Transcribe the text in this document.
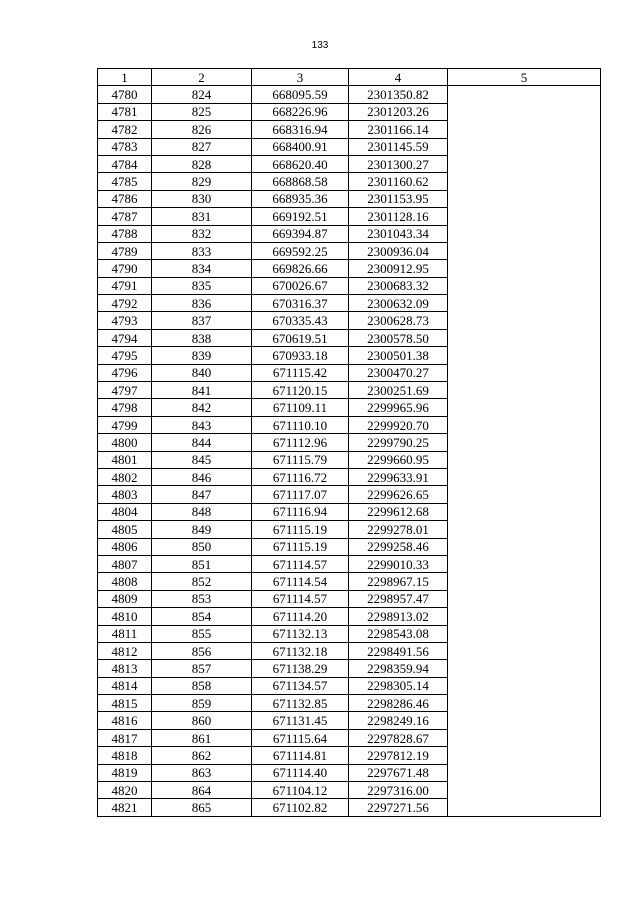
133
1	2	3	4	5
4780	824	668095.59	2301350.82	
4781	825	668226.96	2301203.26	
4782	826	668316.94	2301166.14	
4783	827	668400.91	2301145.59	
4784	828	668620.40	2301300.27	
4785	829	668868.58	2301160.62	
4786	830	668935.36	2301153.95	
4787	831	669192.51	2301128.16	
4788	832	669394.87	2301043.34	
4789	833	669592.25	2300936.04	
4790	834	669826.66	2300912.95	
4791	835	670026.67	2300683.32	
4792	836	670316.37	2300632.09	
4793	837	670335.43	2300628.73	
4794	838	670619.51	2300578.50	
4795	839	670933.18	2300501.38	
4796	840	671115.42	2300470.27	
4797	841	671120.15	2300251.69	
4798	842	671109.11	2299965.96	
4799	843	671110.10	2299920.70	
4800	844	671112.96	2299790.25	
4801	845	671115.79	2299660.95	
4802	846	671116.72	2299633.91	
4803	847	671117.07	2299626.65	
4804	848	671116.94	2299612.68	
4805	849	671115.19	2299278.01	
4806	850	671115.19	2299258.46	
4807	851	671114.57	2299010.33	
4808	852	671114.54	2298967.15	
4809	853	671114.57	2298957.47	
4810	854	671114.20	2298913.02	
4811	855	671132.13	2298543.08	
4812	856	671132.18	2298491.56	
4813	857	671138.29	2298359.94	
4814	858	671134.57	2298305.14	
4815	859	671132.85	2298286.46	
4816	860	671131.45	2298249.16	
4817	861	671115.64	2297828.67	
4818	862	671114.81	2297812.19	
4819	863	671114.40	2297671.48	
4820	864	671104.12	2297316.00	
4821	865	671102.82	2297271.56	
